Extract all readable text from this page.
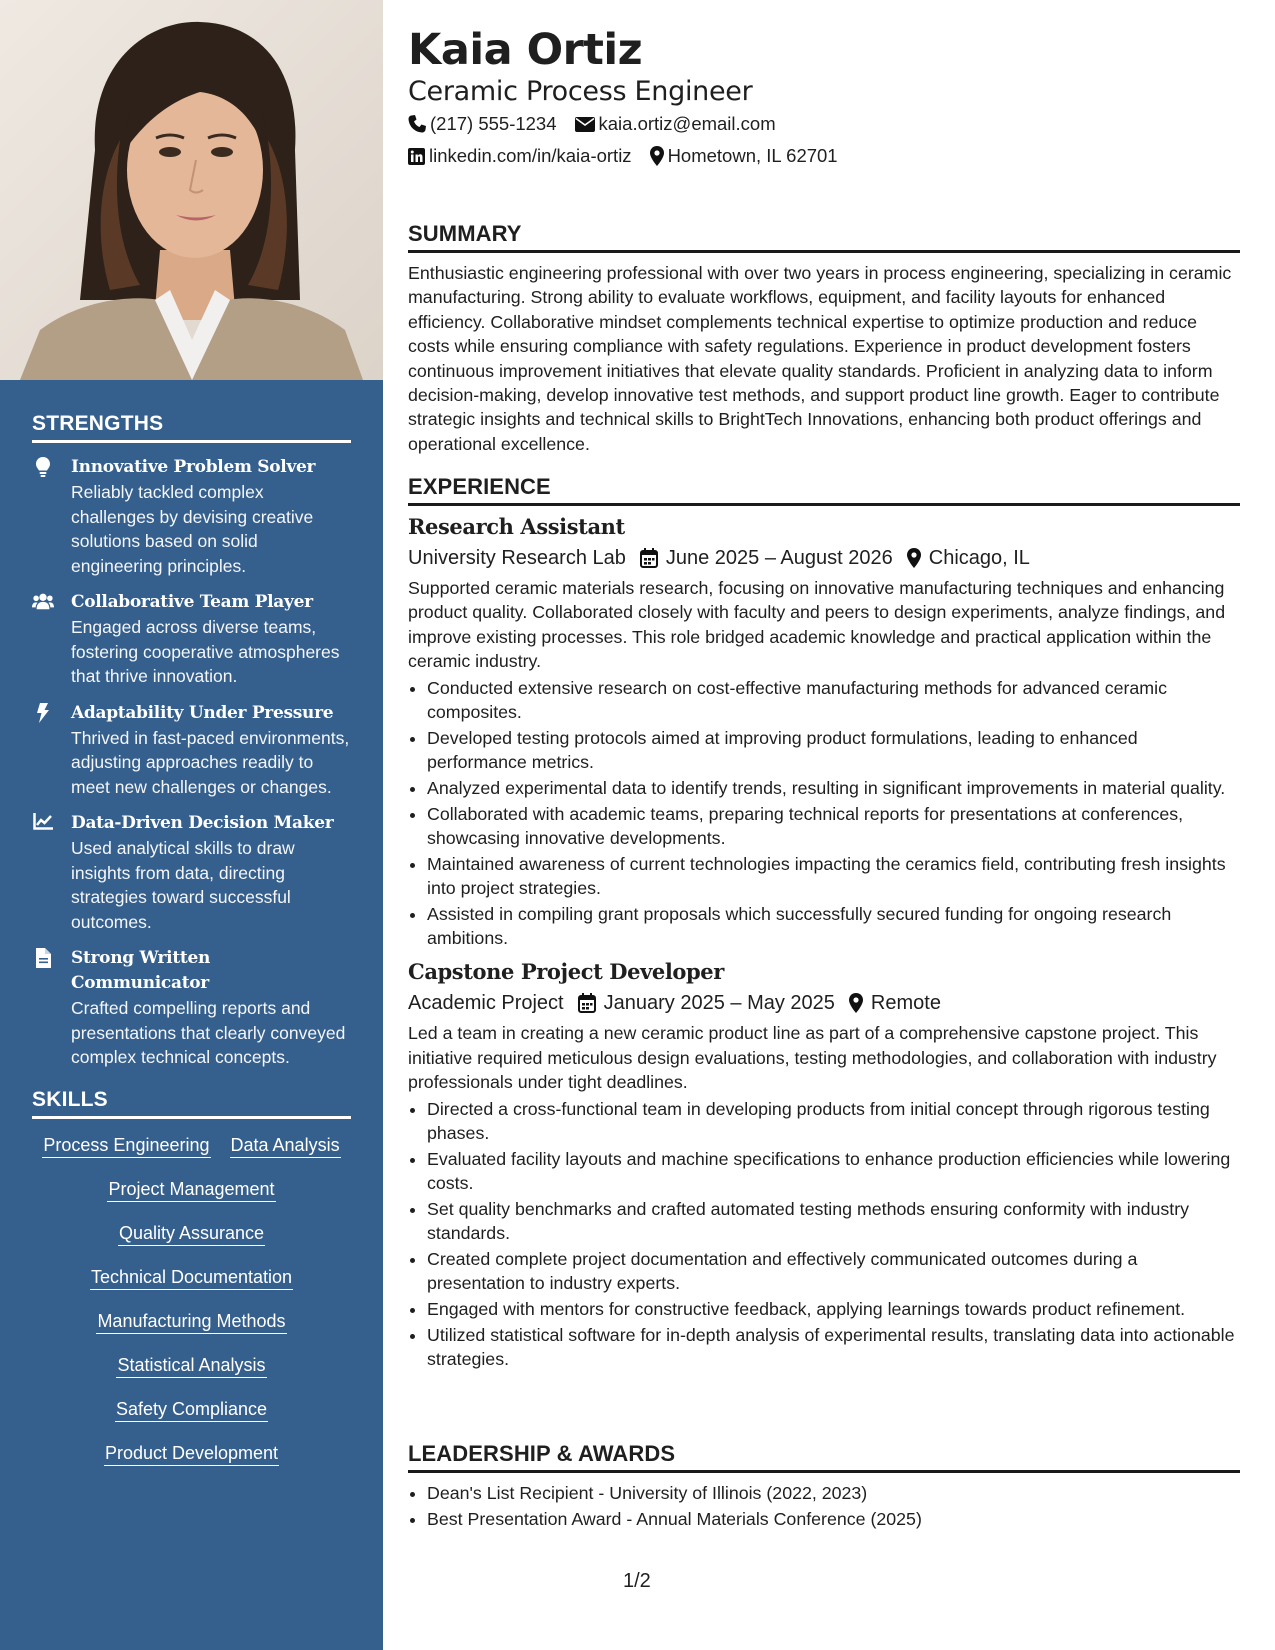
STRENGTHS
Innovative Problem Solver
Reliably tackled complex challenges by devising creative solutions based on solid engineering principles.
Collaborative Team Player
Engaged across diverse teams, fostering cooperative atmospheres that thrive innovation.
Adaptability Under Pressure
Thrived in fast-paced environments, adjusting approaches readily to meet new challenges or changes.
Data-Driven Decision Maker
Used analytical skills to draw insights from data, directing strategies toward successful outcomes.
Strong Written Communicator
Crafted compelling reports and presentations that clearly conveyed complex technical concepts.
SKILLS
Process Engineering Data Analysis
Project Management
Quality Assurance
Technical Documentation
Manufacturing Methods
Statistical Analysis
Safety Compliance
Product Development
Kaia Ortiz
Ceramic Process Engineer
(217) 555-1234 kaia.ortiz@email.com
linkedin.com/in/kaia-ortiz Hometown, IL 62701
SUMMARY

Enthusiastic engineering professional with over two years in process engineering, specializing in ceramic manufacturing. Strong ability to evaluate workflows, equipment, and facility layouts for enhanced efficiency. Collaborative mindset complements technical expertise to optimize production and reduce costs while ensuring compliance with safety regulations. Experience in product development fosters continuous improvement initiatives that elevate quality standards. Proficient in analyzing data to inform decision-making, develop innovative test methods, and support product line growth. Eager to contribute strategic insights and technical skills to BrightTech Innovations, enhancing both product offerings and operational excellence.

EXPERIENCE
Research Assistant
University Research Lab June 2025 – August 2026 Chicago, IL

Supported ceramic materials research, focusing on innovative manufacturing techniques and enhancing product quality. Collaborated closely with faculty and peers to design experiments, analyze findings, and improve existing processes. This role bridged academic knowledge and practical application within the ceramic industry.

• Conducted extensive research on cost-effective manufacturing methods for advanced ceramic composites.
• Developed testing protocols aimed at improving product formulations, leading to enhanced performance metrics.
• Analyzed experimental data to identify trends, resulting in significant improvements in material quality.
• Collaborated with academic teams, preparing technical reports for presentations at conferences, showcasing innovative developments.
• Maintained awareness of current technologies impacting the ceramics field, contributing fresh insights into project strategies.
• Assisted in compiling grant proposals which successfully secured funding for ongoing research ambitions.
Capstone Project Developer
Academic Project January 2025 – May 2025 Remote

Led a team in creating a new ceramic product line as part of a comprehensive capstone project. This initiative required meticulous design evaluations, testing methodologies, and collaboration with industry professionals under tight deadlines.

• Directed a cross-functional team in developing products from initial concept through rigorous testing phases.
• Evaluated facility layouts and machine specifications to enhance production efficiencies while lowering costs.
• Set quality benchmarks and crafted automated testing methods ensuring conformity with industry standards.
• Created complete project documentation and effectively communicated outcomes during a presentation to industry experts.
• Engaged with mentors for constructive feedback, applying learnings towards product refinement.
• Utilized statistical software for in-depth analysis of experimental results, translating data into actionable strategies.
LEADERSHIP & AWARDS
• Dean's List Recipient - University of Illinois (2022, 2023)
• Best Presentation Award - Annual Materials Conference (2025)
1/2
